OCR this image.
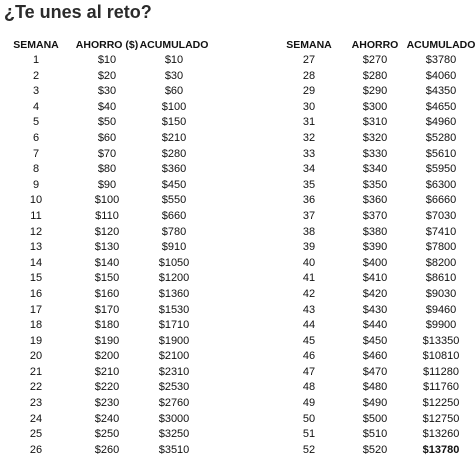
¿Te unes al reto?
SEMANA	AHORRO ($) ACUMULADO
1	$10	$10
2	$20	$30
3	$30	$60
4	$40	$100
5	$50	$150
6	$60	$210
7	$70	$280
8	$80	$360
9	$90	$450
10	$100	$550
11	$110	$660
12	$120	$780
13	$130	$910
14	$140	$1050
15	$150	$1200
16	$160	$1360
17	$170	$1530
18	$180	$1710
19	$190	$1900
20	$200	$2100
21	$210	$2310
22	$220	$2530
23	$230	$2760
24	$240	$3000
25	$250	$3250
26	$260	$3510
SEMANA	AHORRO ACUMULADO
27	$270	$3780
28	$280	$4060
29	$290	$4350
30	$300	$4650
31	$310	$4960
32	$320	$5280
33	$330	$5610
34	$340	$5950
35	$350	$6300
36	$360	$6660
37	$370	$7030
38	$380	$7410
39	$390	$7800
40	$400	$8200
41	$410	$8610
42	$420	$9030
43	$430	$9460
44	$440	$9900
45	$450	$13350
46	$460	$10810
47	$470	$11280
48	$480	$11760
49	$490	$12250
50	$500	$12750
51	$510	$13260
52	$520	$13780
